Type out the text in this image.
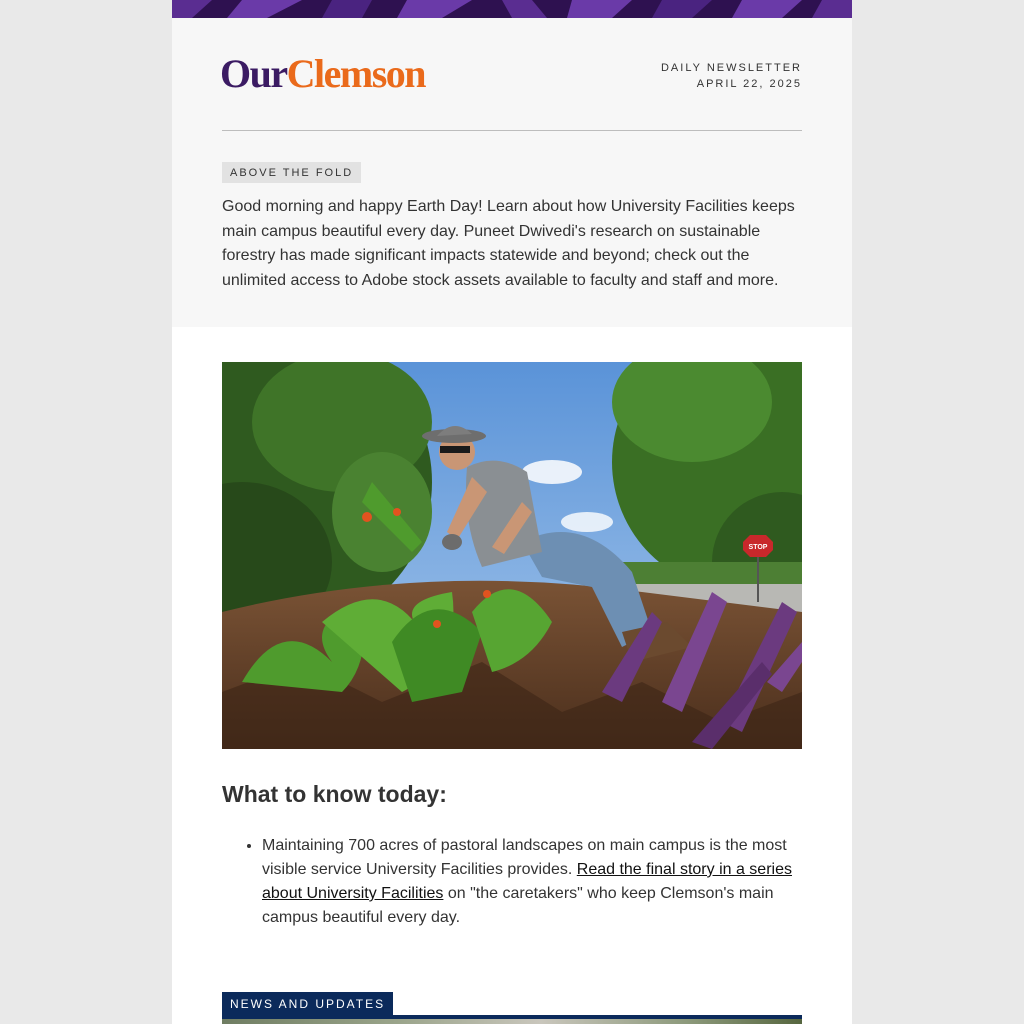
OurClemson	DAILY NEWSLETTER
APRIL 22, 2025
ABOVE THE FOLD

Good morning and happy Earth Day! Learn about how University Facilities keeps main campus beautiful every day. Puneet Dwivedi's research on sustainable forestry has made significant impacts statewide and beyond; check out the unlimited access to Adobe stock assets available to faculty and staff and more.

STOP
What to know today:
• Maintaining 700 acres of pastoral landscapes on main campus is the most visible service University Facilities provides. Read the final story in a series about University Facilities on "the caretakers" who keep Clemson's main campus beautiful every day.
NEWS AND UPDATES
